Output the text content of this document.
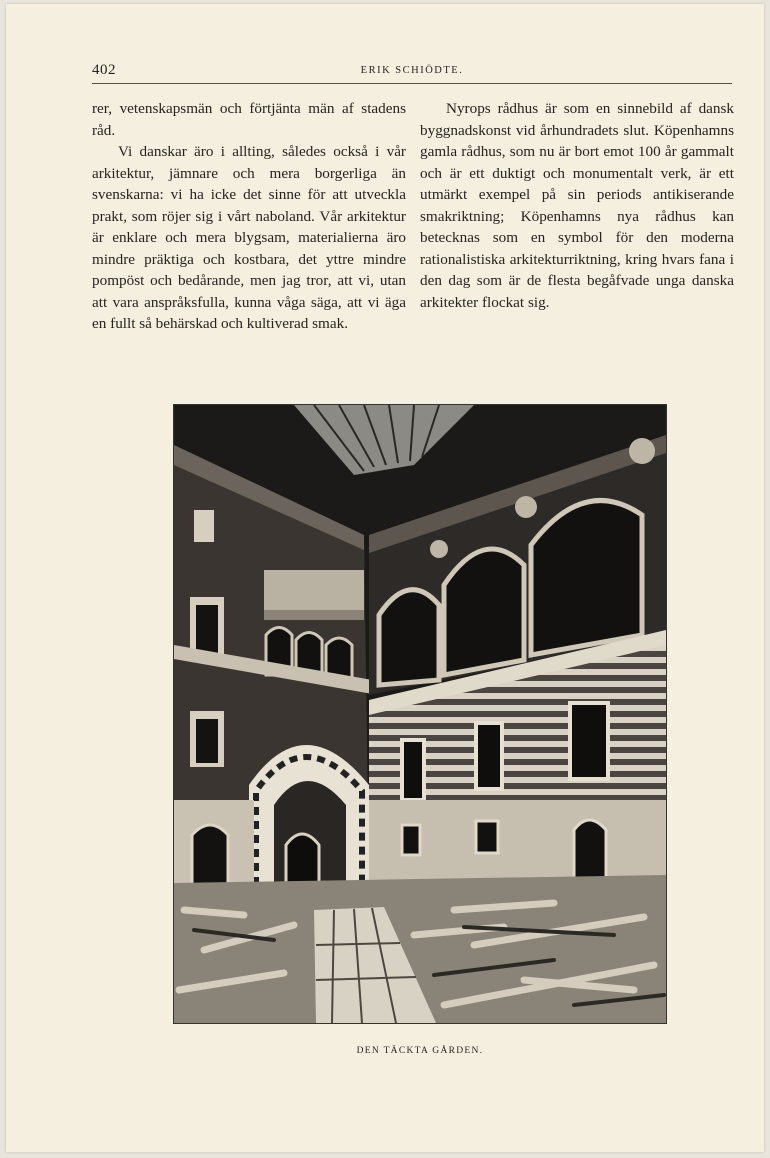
402	ERIK SCHIÖDTE.

rer, vetenskapsmän och förtjänta män af stadens råd.

Vi danskar äro i allting, således också i vår arkitektur, jämnare och mera borgerliga än svenskarna: vi ha icke det sinne för att utveckla prakt, som röjer sig i vårt naboland. Vår arkitektur är enklare och mera blygsam, materialierna äro mindre präktiga och kostbara, det yttre mindre pompöst och bedårande, men jag tror, att vi, utan att vara anspråksfulla, kunna våga säga, att vi äga en fullt så behärskad och kultiverad smak.

Nyrops rådhus är som en sinnebild af dansk byggnadskonst vid århundradets slut. Köpenhamns gamla rådhus, som nu är bort emot 100 år gammalt och är ett duktigt och monumentalt verk, är ett utmärkt exempel på sin periods antikiserande smakriktning; Köpenhamns nya rådhus kan betecknas som en symbol för den moderna rationalistiska arkitekturriktning, kring hvars fana i den dag som är de flesta begåfvade unga danska arkitekter flockat sig.

DEN TÄCKTA GÅRDEN.
